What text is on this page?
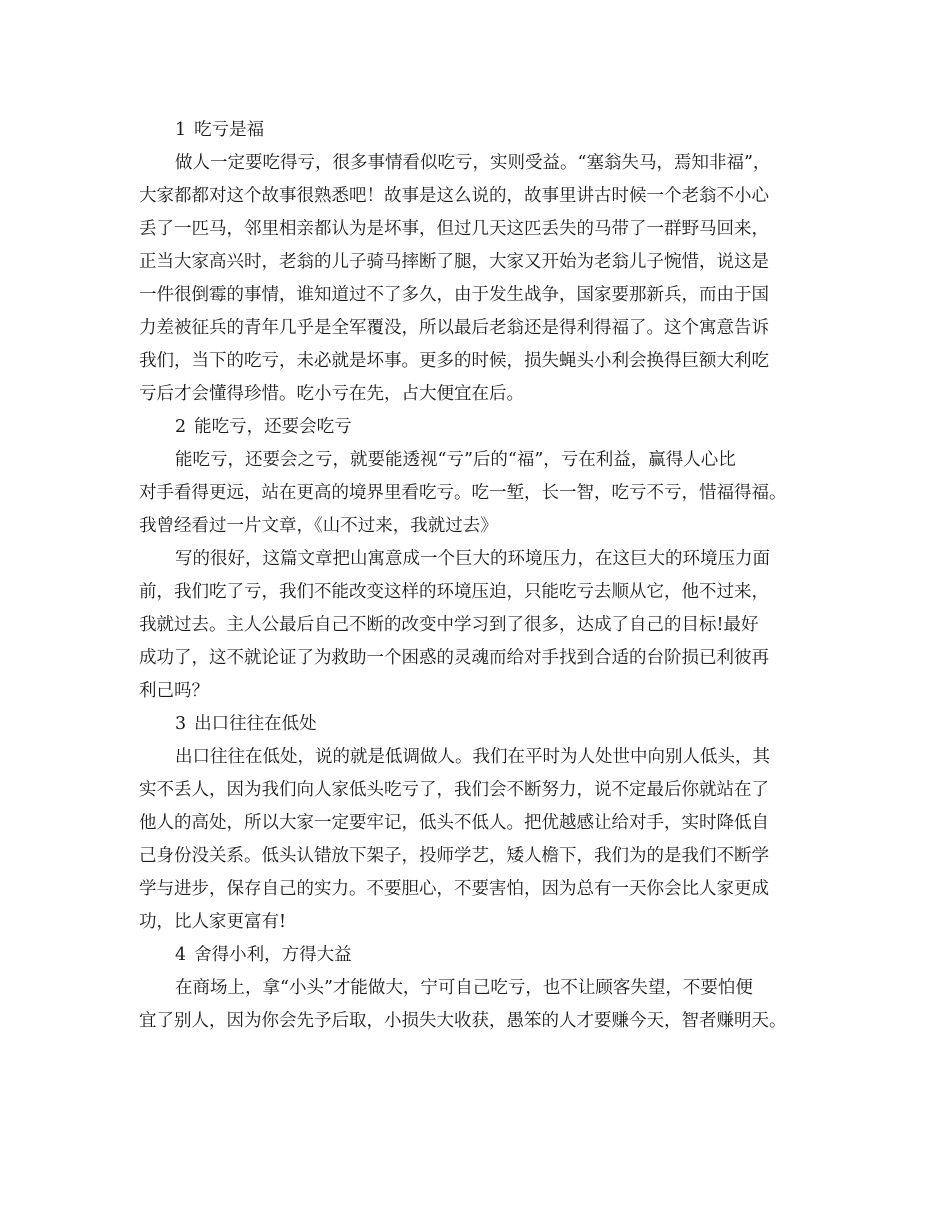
1 吃亏是福
做人一定要吃得亏，很多事情看似吃亏，实则受益。“塞翁失马，焉知非福”，
大家都都对这个故事很熟悉吧！故事是这么说的，故事里讲古时候一个老翁不小心
丢了一匹马，邻里相亲都认为是坏事，但过几天这匹丢失的马带了一群野马回来，
正当大家高兴时，老翁的儿子骑马摔断了腿，大家又开始为老翁儿子惋惜，说这是
一件很倒霉的事情，谁知道过不了多久，由于发生战争，国家要那新兵，而由于国
力差被征兵的青年几乎是全军覆没，所以最后老翁还是得利得福了。这个寓意告诉
我们，当下的吃亏，未必就是坏事。更多的时候，损失蝇头小利会换得巨额大利吃
亏后才会懂得珍惜。吃小亏在先，占大便宜在后。
2 能吃亏，还要会吃亏
能吃亏，还要会之亏，就要能透视“亏”后的“福”，亏在利益，赢得人心比
对手看得更远，站在更高的境界里看吃亏。吃一堑，长一智，吃亏不亏，惜福得福。
我曾经看过一片文章，《山不过来，我就过去》
写的很好，这篇文章把山寓意成一个巨大的环境压力，在这巨大的环境压力面
前，我们吃了亏，我们不能改变这样的环境压迫，只能吃亏去顺从它，他不过来，
我就过去。主人公最后自己不断的改变中学习到了很多，达成了自己的目标!最好
成功了，这不就论证了为救助一个困惑的灵魂而给对手找到合适的台阶损已利彼再
利己吗？
3 出口往往在低处
出口往往在低处，说的就是低调做人。我们在平时为人处世中向别人低头，其
实不丢人，因为我们向人家低头吃亏了，我们会不断努力，说不定最后你就站在了
他人的高处，所以大家一定要牢记，低头不低人。把优越感让给对手，实时降低自
己身份没关系。低头认错放下架子，投师学艺，矮人檐下，我们为的是我们不断学
学与进步，保存自己的实力。不要胆心，不要害怕，因为总有一天你会比人家更成
功，比人家更富有!
4 舍得小利，方得大益
在商场上，拿“小头”才能做大，宁可自己吃亏，也不让顾客失望，不要怕便
宜了别人，因为你会先予后取，小损失大收获，愚笨的人才要赚今天，智者赚明天。
